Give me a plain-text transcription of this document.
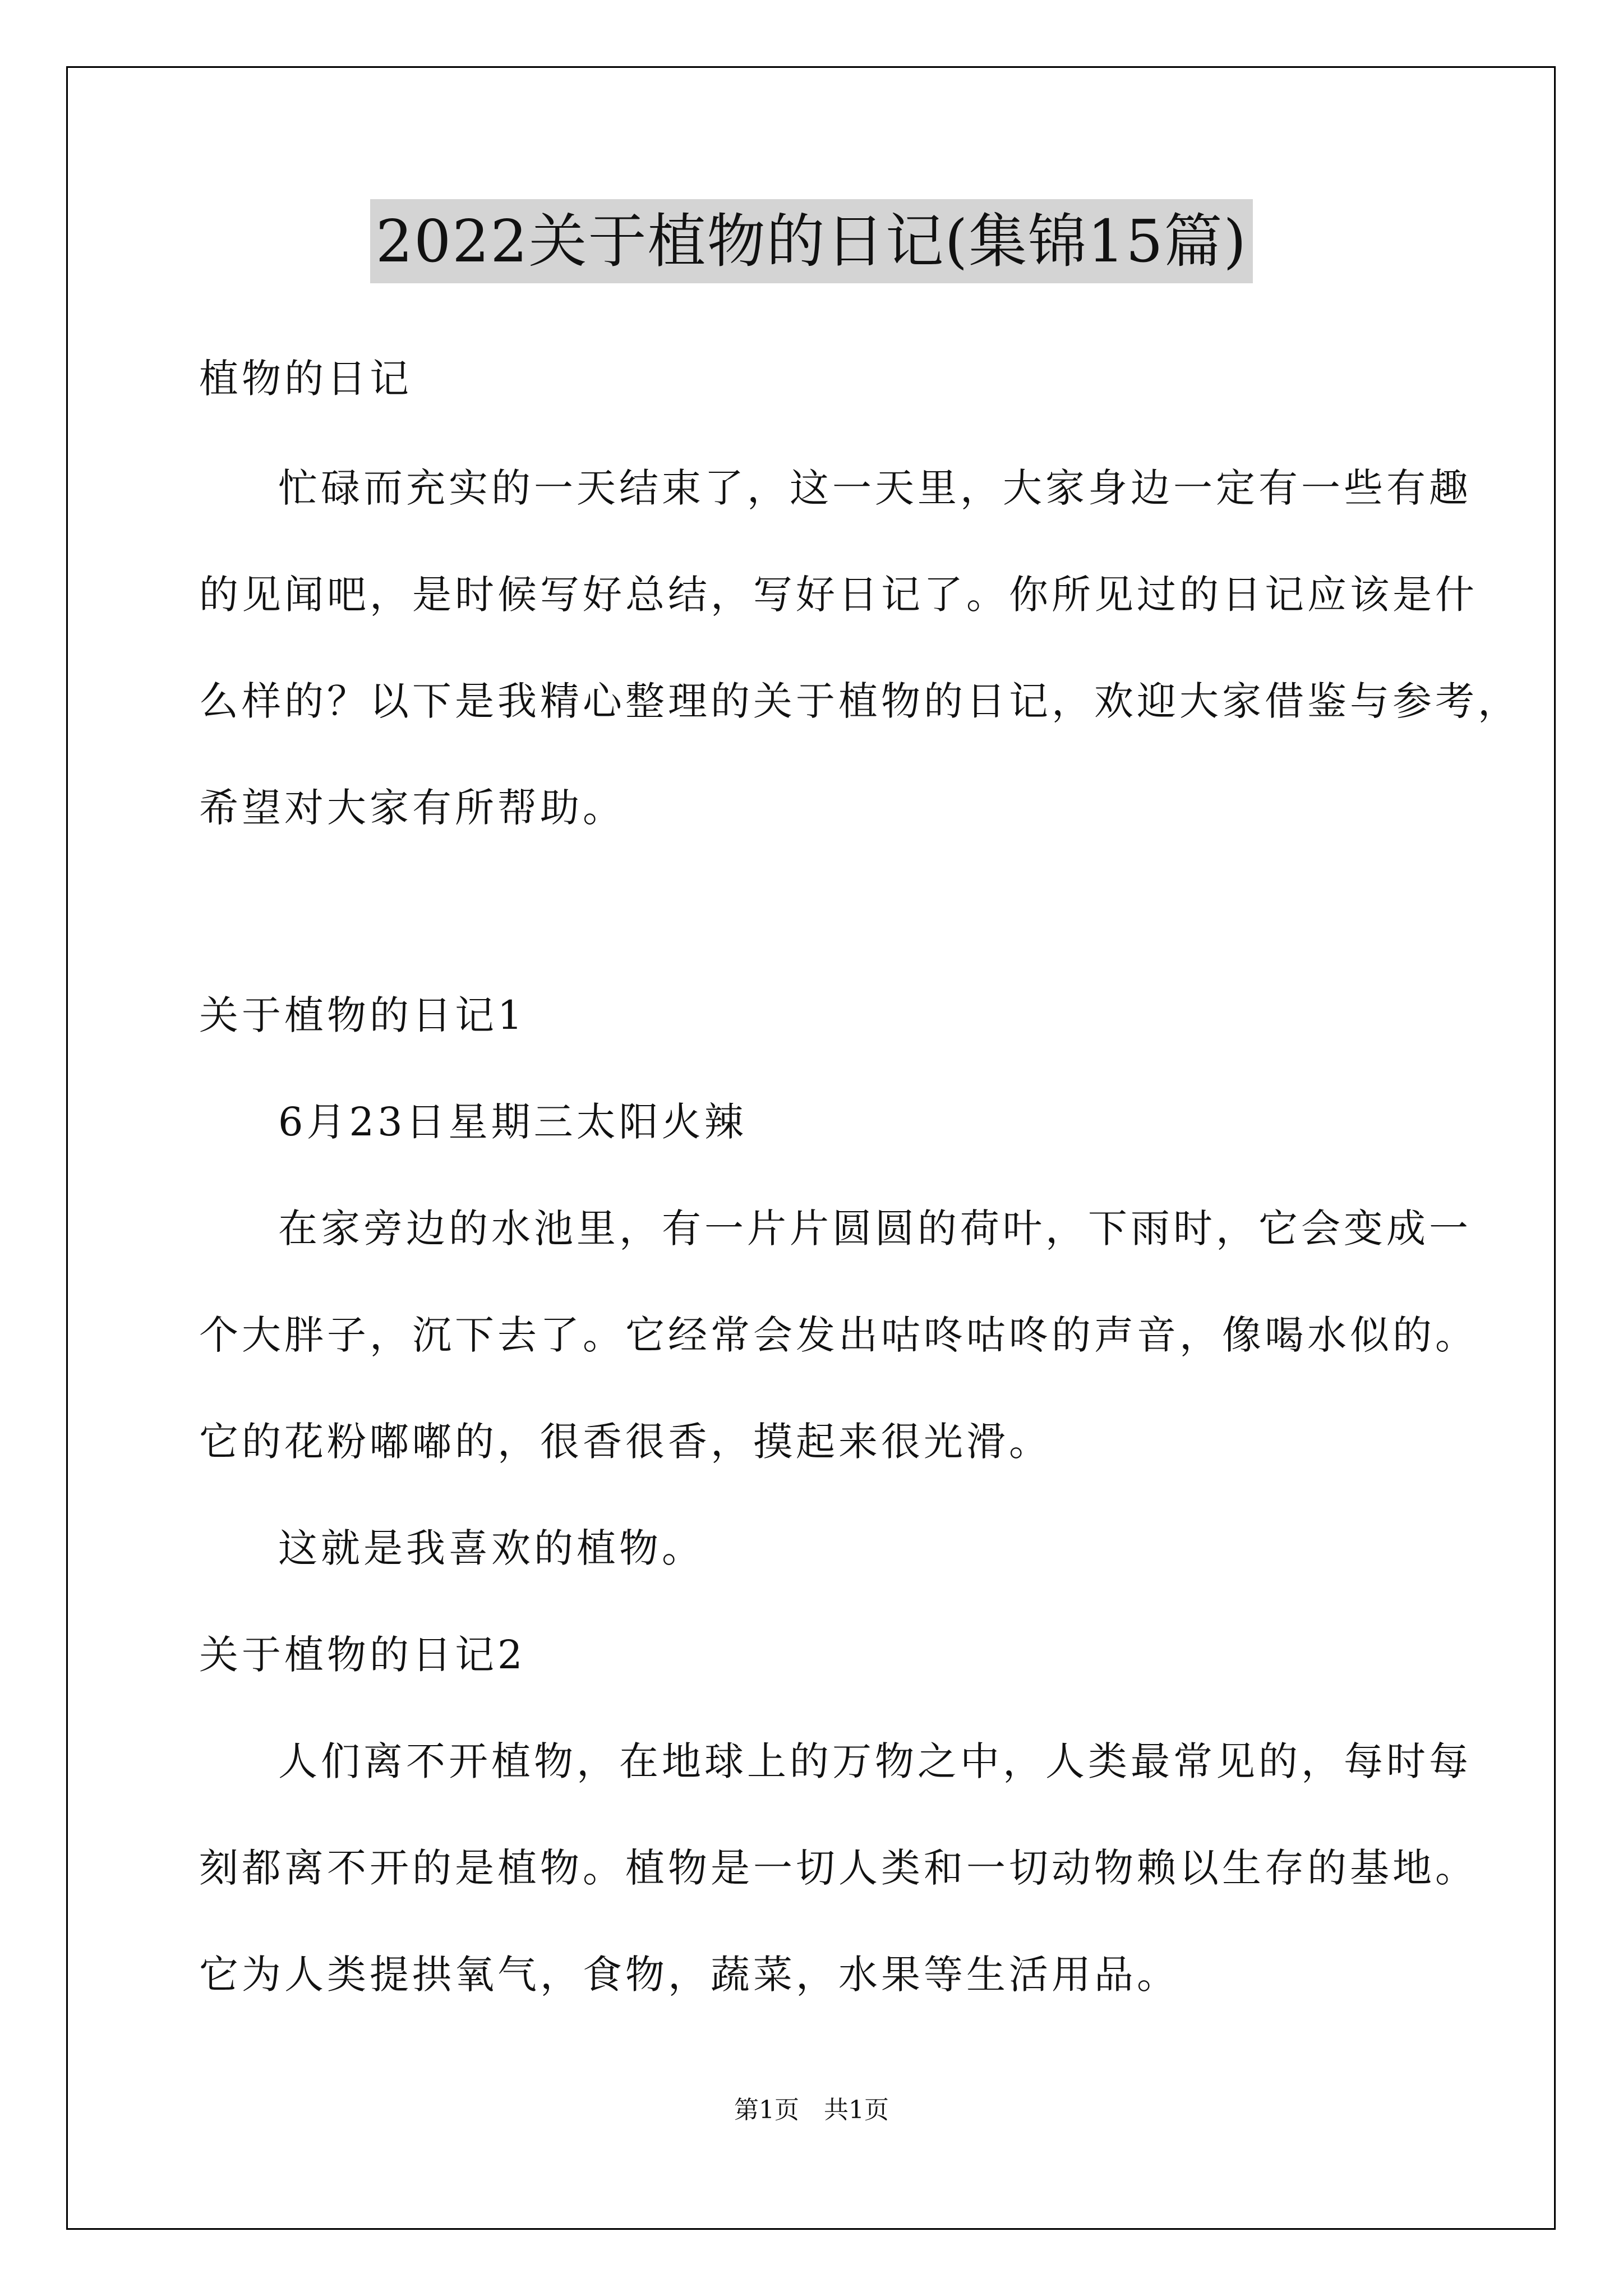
2022关于植物的日记(集锦15篇)
植物的日记
忙碌而充实的一天结束了，这一天里，大家身边一定有一些有趣
的见闻吧，是时候写好总结，写好日记了。你所见过的日记应该是什
么样的？以下是我精心整理的关于植物的日记，欢迎大家借鉴与参考，
希望对大家有所帮助。
关于植物的日记1
6月23日星期三太阳火辣
在家旁边的水池里，有一片片圆圆的荷叶，下雨时，它会变成一
个大胖子，沉下去了。它经常会发出咕咚咕咚的声音，像喝水似的。
它的花粉嘟嘟的，很香很香，摸起来很光滑。
这就是我喜欢的植物。
关于植物的日记2
人们离不开植物，在地球上的万物之中，人类最常见的，每时每
刻都离不开的是植物。植物是一切人类和一切动物赖以生存的基地。
它为人类提拱氧气，食物，蔬菜，水果等生活用品。
第1页　共1页
